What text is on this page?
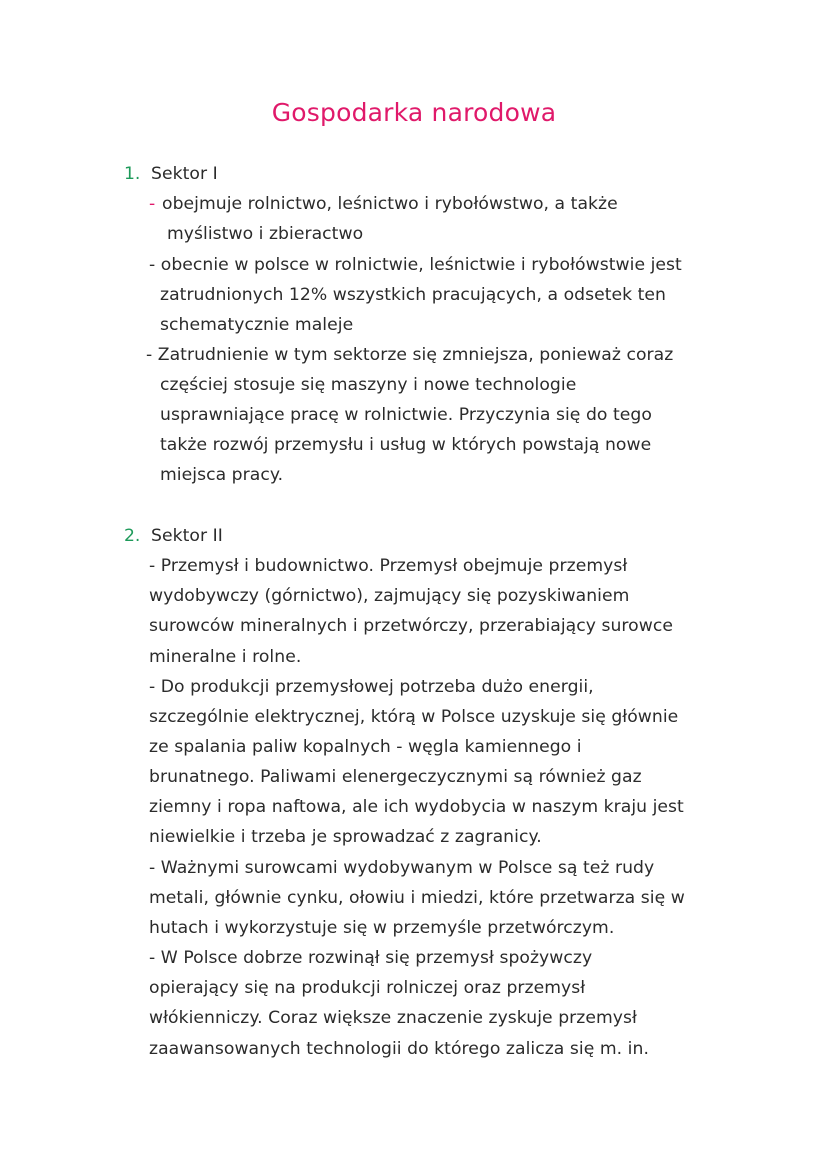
Gospodarka narodowa
1. Sektor I
- obejmuje rolnictwo, leśnictwo i rybołówstwo, a także
myślistwo i zbieractwo
- obecnie w polsce w rolnictwie, leśnictwie i rybołówstwie jest
zatrudnionych 12% wszystkich pracujących, a odsetek ten
schematycznie maleje
- Zatrudnienie w tym sektorze się zmniejsza, ponieważ coraz
częściej stosuje się maszyny i nowe technologie
usprawniające pracę w rolnictwie. Przyczynia się do tego
także rozwój przemysłu i usług w których powstają nowe
miejsca pracy.
2. Sektor II
- Przemysł i budownictwo. Przemysł obejmuje przemysł
wydobywczy (górnictwo), zajmujący się pozyskiwaniem
surowców mineralnych i przetwórczy, przerabiający surowce
mineralne i rolne.
- Do produkcji przemysłowej potrzeba dużo energii,
szczególnie elektrycznej, którą w Polsce uzyskuje się głównie
ze spalania paliw kopalnych - węgla kamiennego i
brunatnego. Paliwami elenergeczycznymi są również gaz
ziemny i ropa naftowa, ale ich wydobycia w naszym kraju jest
niewielkie i trzeba je sprowadzać z zagranicy.
- Ważnymi surowcami wydobywanym w Polsce są też rudy
metali, głównie cynku, ołowiu i miedzi, które przetwarza się w
hutach i wykorzystuje się w przemyśle przetwórczym.
- W Polsce dobrze rozwinął się przemysł spożywczy
opierający się na produkcji rolniczej oraz przemysł
włókienniczy. Coraz większe znaczenie zyskuje przemysł
zaawansowanych technologii do którego zalicza się m. in.
